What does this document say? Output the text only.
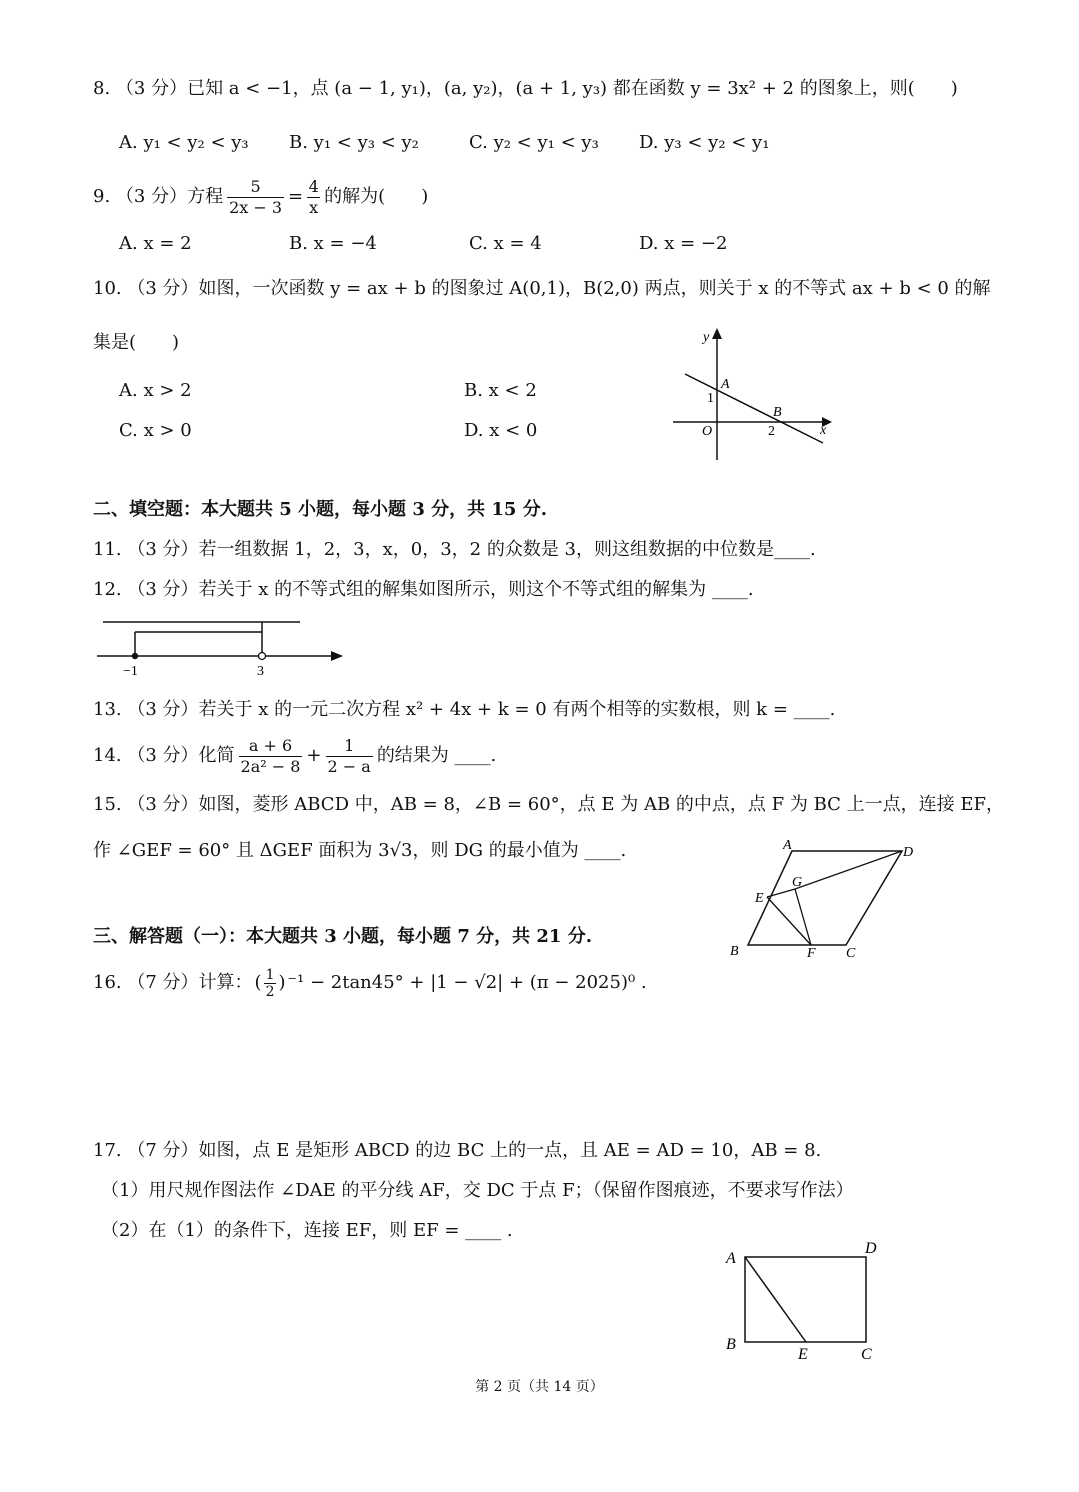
8. （3 分）已知 a < −1，点 (a − 1, y₁)，(a, y₂)，(a + 1, y₃) 都在函数 y = 3x² + 2 的图象上，则(　　)
A. y₁ < y₂ < y₃ B. y₁ < y₃ < y₂	C. y₂ < y₁ < y₃ D. y₃ < y₂ < y₁
9. （3 分）方程 $\frac{5}{2x - 3} = \frac{4}{x}$ 的解为(　　)
A. x = 2	B. x = −4	C. x = 4	D. x = −2
10. （3 分）如图，一次函数 y = ax + b 的图象过 A(0,1)，B(2,0) 两点，则关于 x 的不等式 ax + b < 0 的解
集是(　　)
A. x > 2	B. x < 2
C. x > 0	D. x < 0
y
x
O
A
B
1
2
二、填空题：本大题共 5 小题，每小题 3 分，共 15 分.
11. （3 分）若一组数据 1，2，3，x，0，3，2 的众数是 3，则这组数据的中位数是____.
12. （3 分）若关于 x 的不等式组的解集如图所示，则这个不等式组的解集为 ____.
−1	3
13. （3 分）若关于 x 的一元二次方程 x² + 4x + k = 0 有两个相等的实数根，则 k = ____.
14. （3 分）化简 $\frac{a + 6}{\text{2a² − 8}} + \frac{1}{2 - a}$ 的结果为 ____.
15. （3 分）如图，菱形 ABCD 中，AB = 8，∠B = 60°，点 E 为 AB 的中点，点 F 为 BC 上一点，连接 EF，
作 ∠GEF = 60° 且 ΔGEF 面积为 3√3，则 DG 的最小值为 ____.	A	D
E
G
B	F C
三、解答题（一）：本大题共 3 小题，每小题 7 分，共 21 分.
16. （7 分）计算： ( $\frac{1}{2}$ ) ⁻¹ − 2tan45° + |1 − √2| + (π − 2025)⁰ .
17. （7 分）如图，点 E 是矩形 ABCD 的边 BC 上的一点，且 AE = AD = 10，AB = 8.
（1）用尺规作图法作 ∠DAE 的平分线 AF，交 DC 于点 F；（保留作图痕迹，不要求写作法）
（2）在（1）的条件下，连接 EF，则 EF = ____ .
A
D
B
E	C
第 2 页（共 14 页）
